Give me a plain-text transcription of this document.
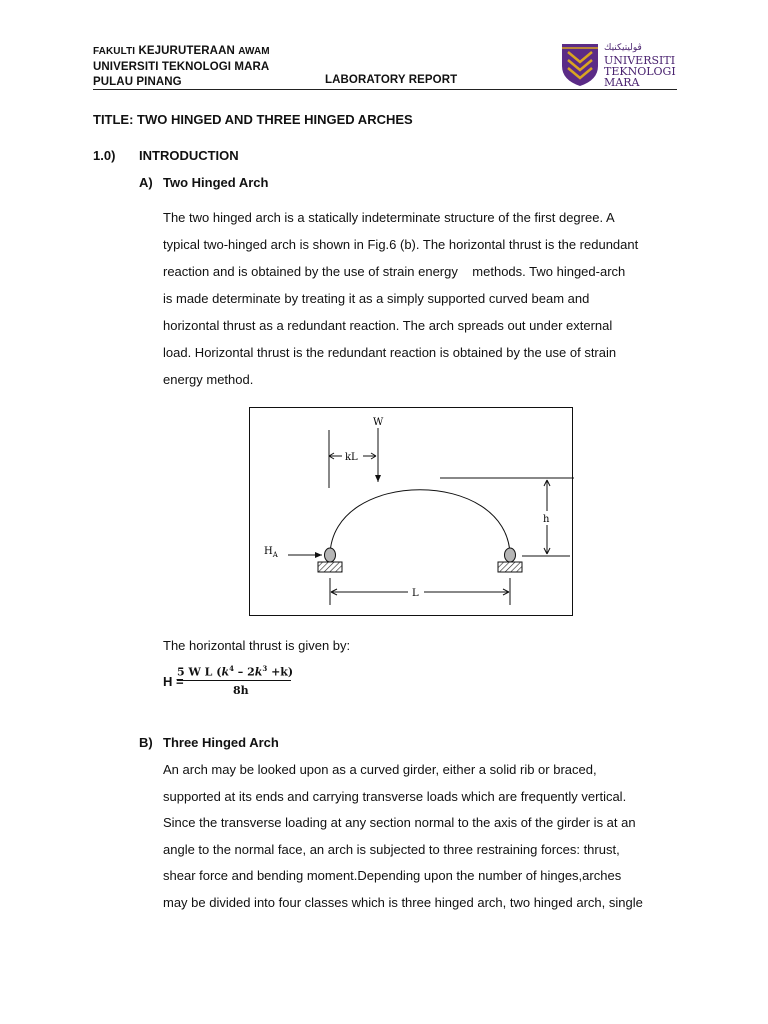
FAKULTI KEJURUTERAAN AWAM
UNIVERSITI TEKNOLOGI MARA
PULAU PINANG	LABORATORY REPORT
ڤوليتيكنيك
UNIVERSITI
TEKNOLOGI
MARA
TITLE: TWO HINGED AND THREE HINGED ARCHES
1.0) INTRODUCTION
A) Two Hinged Arch
The two hinged arch is a statically indeterminate structure of the first degree. A
typical two-hinged arch is shown in Fig.6 (b). The horizontal thrust is the redundant
reaction and is obtained by the use of strain energy    methods. Two hinged-arch
is made determinate by treating it as a simply supported curved beam and
horizontal thrust as a redundant reaction. The arch spreads out under external
load. Horizontal thrust is the redundant reaction is obtained by the use of strain
energy method.
W
kL
h
$H_A$
L
The horizontal thrust is given by:
H =
5 W L $(k^4 - 2k^3 +k)$
8h
B) Three Hinged Arch
An arch may be looked upon as a curved girder, either a solid rib or braced,
supported at its ends and carrying transverse loads which are frequently vertical.
Since the transverse loading at any section normal to the axis of the girder is at an
angle to the normal face, an arch is subjected to three restraining forces: thrust,
shear force and bending moment.Depending upon the number of hinges,arches
may be divided into four classes which is three hinged arch, two hinged arch, single
